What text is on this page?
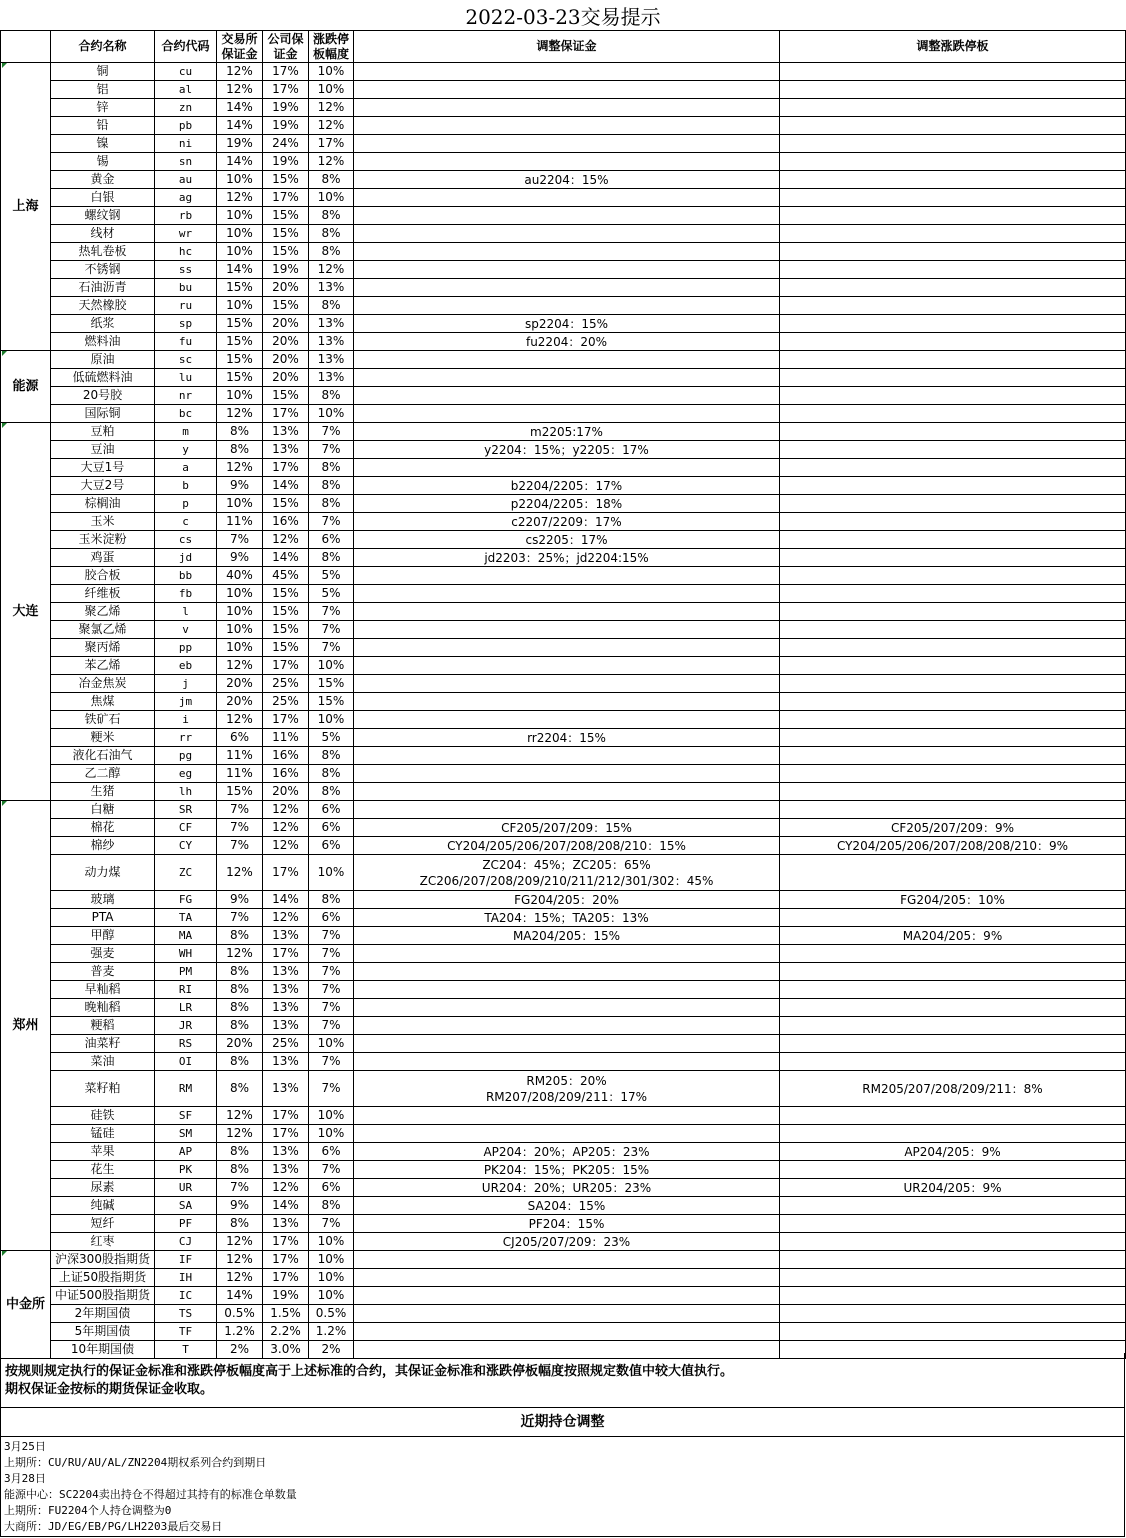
2022-03-23交易提示
	合约名称	合约代码	交易所保证金	公司保证金	涨跌停板幅度	调整保证金	调整涨跌停板

上海	铜	cu	12%	17%	10%	

	铝	al	12%	17%	10%	

	锌	zn	14%	19%	12%	

	铅	pb	14%	19%	12%	

	镍	ni	19%	24%	17%	

	锡	sn	14%	19%	12%	

	黄金	au	10%	15%	8%	au2204：15%	

	白银	ag	12%	17%	10%	

	螺纹钢	rb	10%	15%	8%	

	线材	wr	10%	15%	8%	

	热轧卷板	hc	10%	15%	8%	

	不锈钢	ss	14%	19%	12%	

	石油沥青	bu	15%	20%	13%	

	天然橡胶	ru	10%	15%	8%	

	纸浆	sp	15%	20%	13%	sp2204：15%	

	燃料油	fu	15%	20%	13%	fu2204：20%	

能源	原油	sc	15%	20%	13%	

	低硫燃料油	lu	15%	20%	13%	

	20号胶	nr	10%	15%	8%	

	国际铜	bc	12%	17%	10%	

大连	豆粕	m	8%	13%	7%	m2205:17%	

	豆油	y	8%	13%	7%	y2204：15%；y2205：17%	

	大豆1号	a	12%	17%	8%	

	大豆2号	b	9%	14%	8%	b2204/2205：17%	

	棕榈油	p	10%	15%	8%	p2204/2205：18%	

	玉米	c	11%	16%	7%	c2207/2209：17%	

	玉米淀粉	cs	7%	12%	6%	cs2205：17%	

	鸡蛋	jd	9%	14%	8%	jd2203：25%；jd2204:15%	

	胶合板	bb	40%	45%	5%	

	纤维板	fb	10%	15%	5%	

	聚乙烯	l	10%	15%	7%	

	聚氯乙烯	v	10%	15%	7%	

	聚丙烯	pp	10%	15%	7%	

	苯乙烯	eb	12%	17%	10%	

	冶金焦炭	j	20%	25%	15%	

	焦煤	jm	20%	25%	15%	

	铁矿石	i	12%	17%	10%	

	粳米	rr	6%	11%	5%	rr2204：15%	

	液化石油气	pg	11%	16%	8%	

	乙二醇	eg	11%	16%	8%	

	生猪	lh	15%	20%	8%	

郑州	白糖	SR	7%	12%	6%	

	棉花	CF	7%	12%	6%	CF205/207/209：15%	CF205/207/209：9%
	棉纱	CY	7%	12%	6%	CY204/205/206/207/208/208/210：15%	CY204/205/206/207/208/208/210：9%
	动力煤	ZC	12%	17%	10%	ZC204：45%；ZC205：65%
ZC206/207/208/209/210/211/212/301/302：45%	

	玻璃	FG	9%	14%	8%	FG204/205：20%	FG204/205：10%
	PTA	TA	7%	12%	6%	TA204：15%；TA205：13%	

	甲醇	MA	8%	13%	7%	MA204/205：15%	MA204/205：9%
	强麦	WH	12%	17%	7%	

	普麦	PM	8%	13%	7%	

	早籼稻	RI	8%	13%	7%	

	晚籼稻	LR	8%	13%	7%	

	粳稻	JR	8%	13%	7%	

	油菜籽	RS	20%	25%	10%	

	菜油	OI	8%	13%	7%	

	菜籽粕	RM	8%	13%	7%	RM205：20%
RM207/208/209/211：17%	RM205/207/208/209/211：8%
	硅铁	SF	12%	17%	10%	

	锰硅	SM	12%	17%	10%	

	苹果	AP	8%	13%	6%	AP204：20%；AP205：23%	AP204/205：9%
	花生	PK	8%	13%	7%	PK204：15%；PK205：15%	

	尿素	UR	7%	12%	6%	UR204：20%；UR205：23%	UR204/205：9%
	纯碱	SA	9%	14%	8%	SA204：15%	

	短纤	PF	8%	13%	7%	PF204：15%	

	红枣	CJ	12%	17%	10%	CJ205/207/209：23%	

中金所	沪深300股指期货	IF	12%	17%	10%	

	上证50股指期货	IH	12%	17%	10%	

	中证500股指期货	IC	14%	19%	10%	

	2年期国债	TS	0.5%	1.5%	0.5%	

	5年期国债	TF	1.2%	2.2%	1.2%	

	10年期国债	T	2%	3.0%	2%	

按规则规定执行的保证金标准和涨跌停板幅度高于上述标准的合约，其保证金标准和涨跌停板幅度按照规定数值中较大值执行。
期权保证金按标的期货保证金收取。
近期持仓调整
3月25日
上期所：CU/RU/AU/AL/ZN2204期权系列合约到期日
3月28日
能源中心：SC2204卖出持仓不得超过其持有的标准仓单数量
上期所：FU2204个人持仓调整为0
大商所：JD/EG/EB/PG/LH2203最后交易日
